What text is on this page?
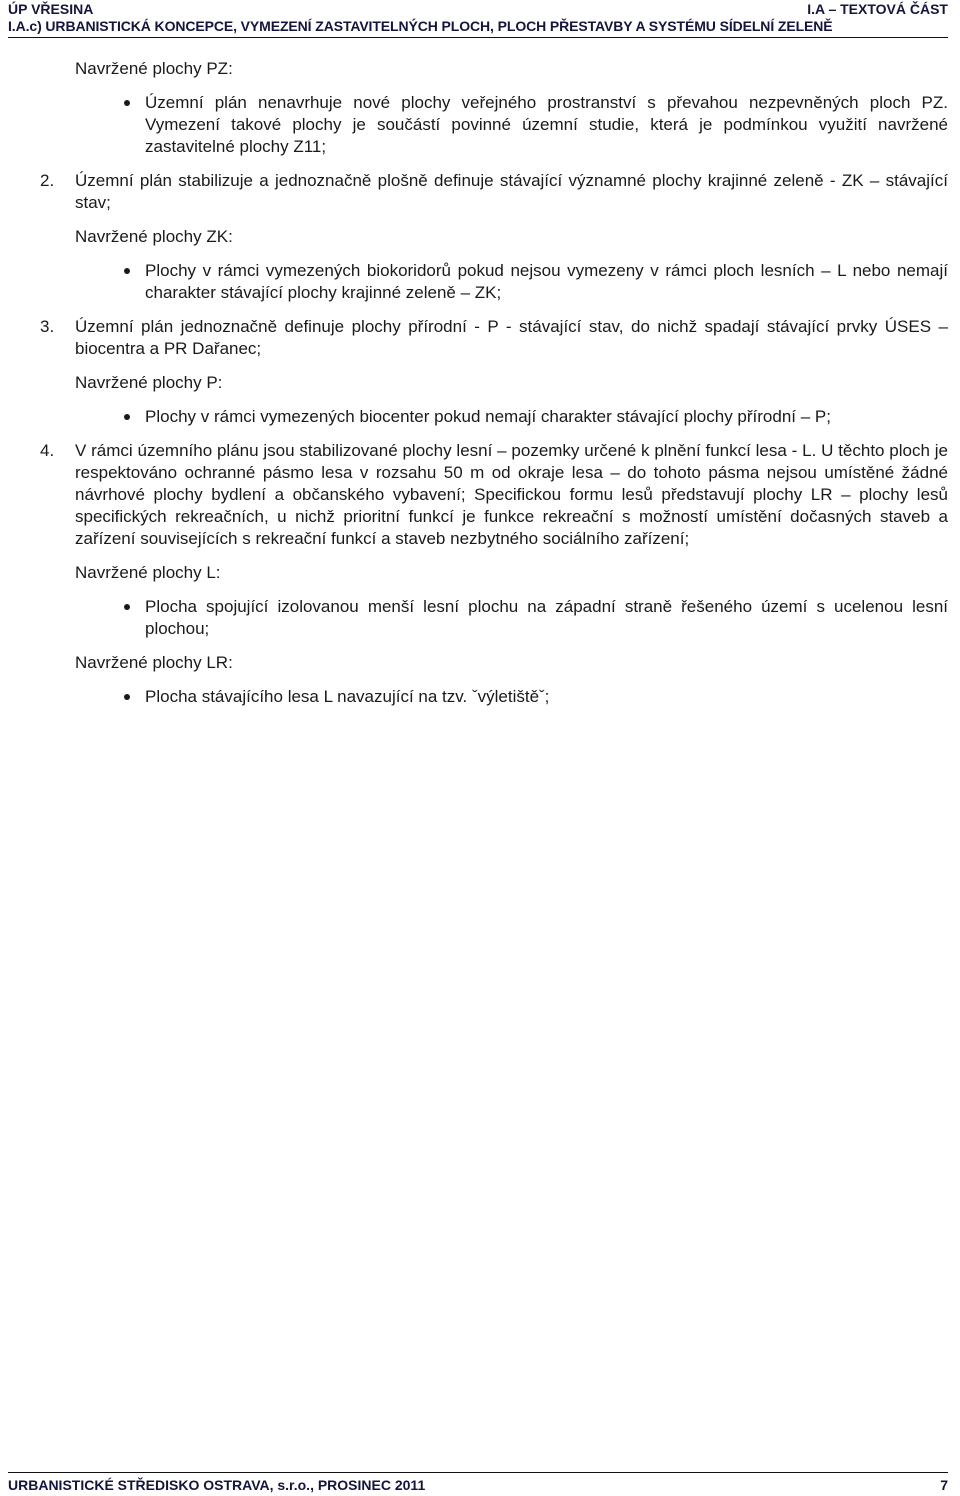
ÚP VŘESINA	I.A – TEXTOVÁ ČÁST
I.A.c) URBANISTICKÁ KONCEPCE, VYMEZENÍ ZASTAVITELNÝCH PLOCH, PLOCH PŘESTAVBY A SYSTÉMU SÍDELNÍ ZELENĚ
Navržené plochy PZ:
Územní plán nenavrhuje nové plochy veřejného prostranství s převahou nezpevněných ploch PZ. Vymezení takové plochy je součástí povinné územní studie, která je podmínkou využití navržené zastavitelné plochy Z11;
2. Územní plán stabilizuje a jednoznačně plošně definuje stávající významné plochy krajinné zeleně - ZK – stávající stav;
Navržené plochy ZK:
Plochy v rámci vymezených biokoridorů pokud nejsou vymezeny v rámci ploch lesních – L nebo nemají charakter stávající plochy krajinné zeleně – ZK;
3. Územní plán jednoznačně definuje plochy přírodní - P - stávající stav, do nichž spadají stávající prvky ÚSES – biocentra a PR Dařanec;
Navržené plochy P:
Plochy v rámci vymezených biocenter pokud nemají charakter stávající plochy přírodní – P;
4. V rámci územního plánu jsou stabilizované plochy lesní – pozemky určené k plnění funkcí lesa - L. U těchto ploch je respektováno ochranné pásmo lesa v rozsahu 50 m od okraje lesa – do tohoto pásma nejsou umístěné žádné návrhové plochy bydlení a občanského vybavení; Specifickou formu lesů představují plochy LR – plochy lesů specifických rekreačních, u nichž prioritní funkcí je funkce rekreační s možností umístění dočasných staveb a zařízení souvisejících s rekreační funkcí a staveb nezbytného sociálního zařízení;
Navržené plochy L:
Plocha spojující izolovanou menší lesní plochu na západní straně řešeného území s ucelenou lesní plochou;
Navržené plochy LR:
Plocha stávajícího lesa L navazující na tzv. ˇvýletištěˇ;
URBANISTICKÉ STŘEDISKO OSTRAVA, s.r.o., PROSINEC 2011	7
